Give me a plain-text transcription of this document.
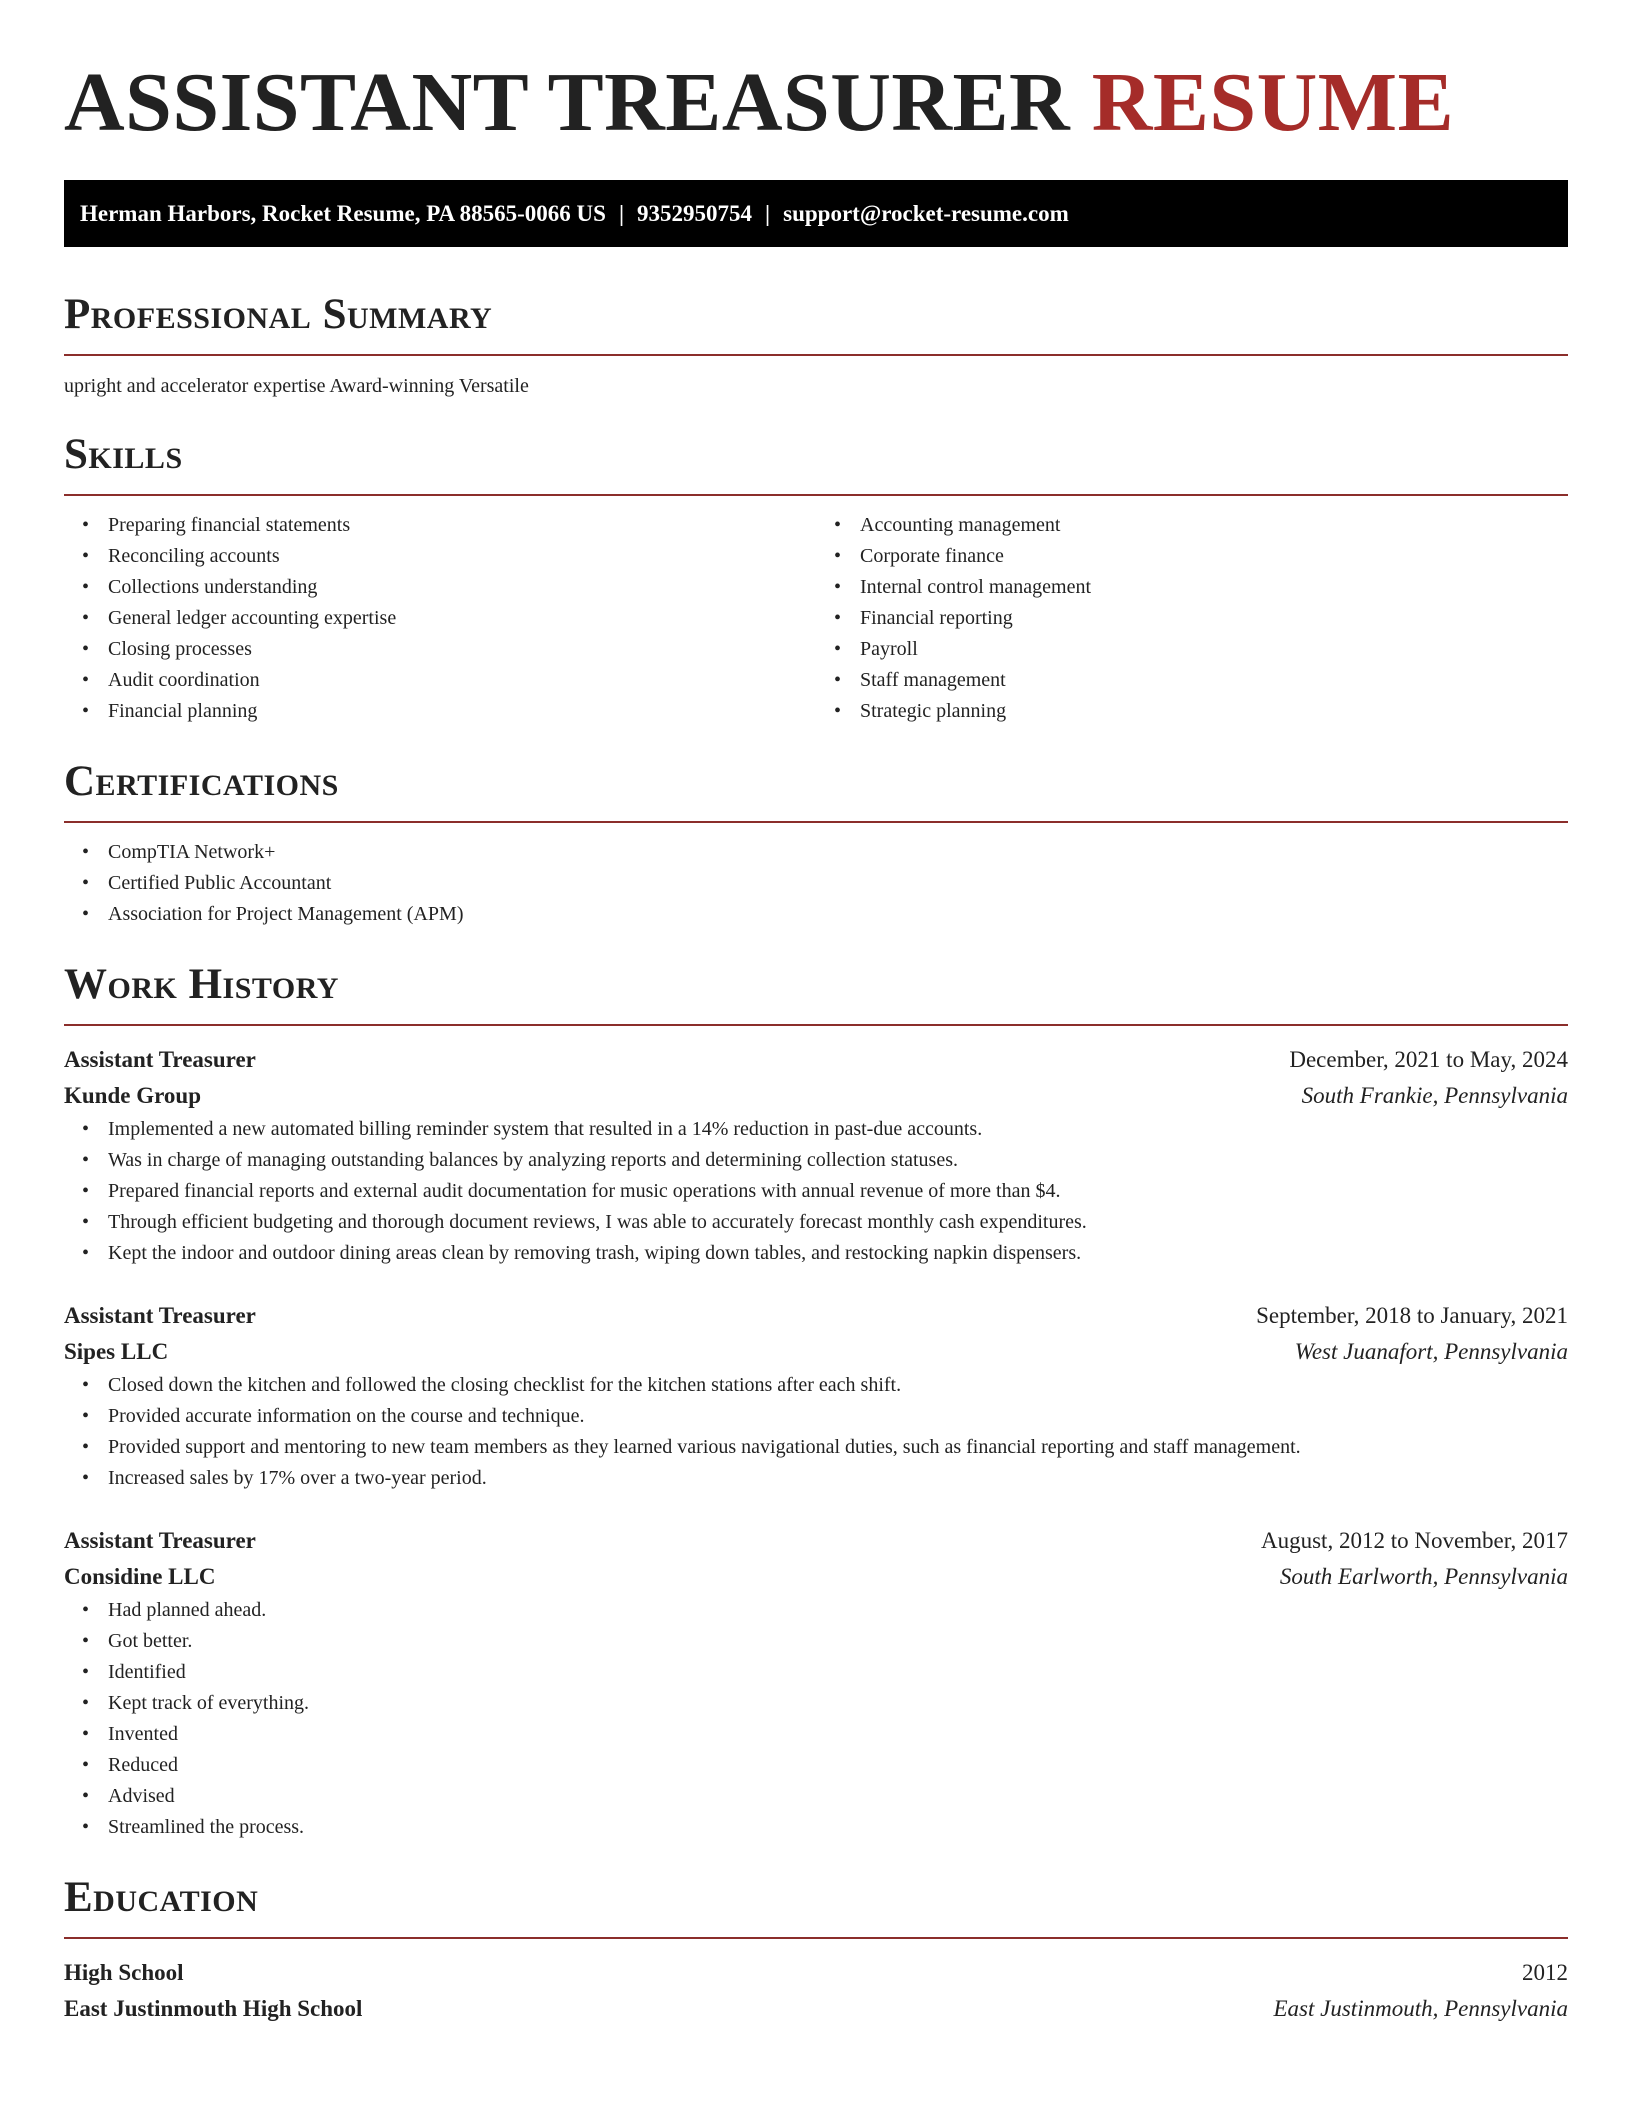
ASSISTANT TREASURER RESUME
Herman Harbors, Rocket Resume, PA 88565-0066 US | 9352950754 | support@rocket-resume.com
Professional Summary
upright and accelerator expertise Award-winning Versatile
Skills
• Preparing financial statements
• Reconciling accounts
• Collections understanding
• General ledger accounting expertise
• Closing processes
• Audit coordination
• Financial planning
• Accounting management
• Corporate finance
• Internal control management
• Financial reporting
• Payroll
• Staff management
• Strategic planning
Certifications
• CompTIA Network+
• Certified Public Accountant
• Association for Project Management (APM)
Work History
Assistant Treasurer	December, 2021 to May, 2024
Kunde Group	South Frankie, Pennsylvania
• Implemented a new automated billing reminder system that resulted in a 14% reduction in past-due accounts.
• Was in charge of managing outstanding balances by analyzing reports and determining collection statuses.
• Prepared financial reports and external audit documentation for music operations with annual revenue of more than $4.
• Through efficient budgeting and thorough document reviews, I was able to accurately forecast monthly cash expenditures.
• Kept the indoor and outdoor dining areas clean by removing trash, wiping down tables, and restocking napkin dispensers.
Assistant Treasurer	September, 2018 to January, 2021
Sipes LLC	West Juanafort, Pennsylvania
• Closed down the kitchen and followed the closing checklist for the kitchen stations after each shift.
• Provided accurate information on the course and technique.
• Provided support and mentoring to new team members as they learned various navigational duties, such as financial reporting and staff management.
• Increased sales by 17% over a two-year period.
Assistant Treasurer	August, 2012 to November, 2017
Considine LLC	South Earlworth, Pennsylvania
• Had planned ahead.
• Got better.
• Identified
• Kept track of everything.
• Invented
• Reduced
• Advised
• Streamlined the process.
Education
High School	2012
East Justinmouth High School	East Justinmouth, Pennsylvania
